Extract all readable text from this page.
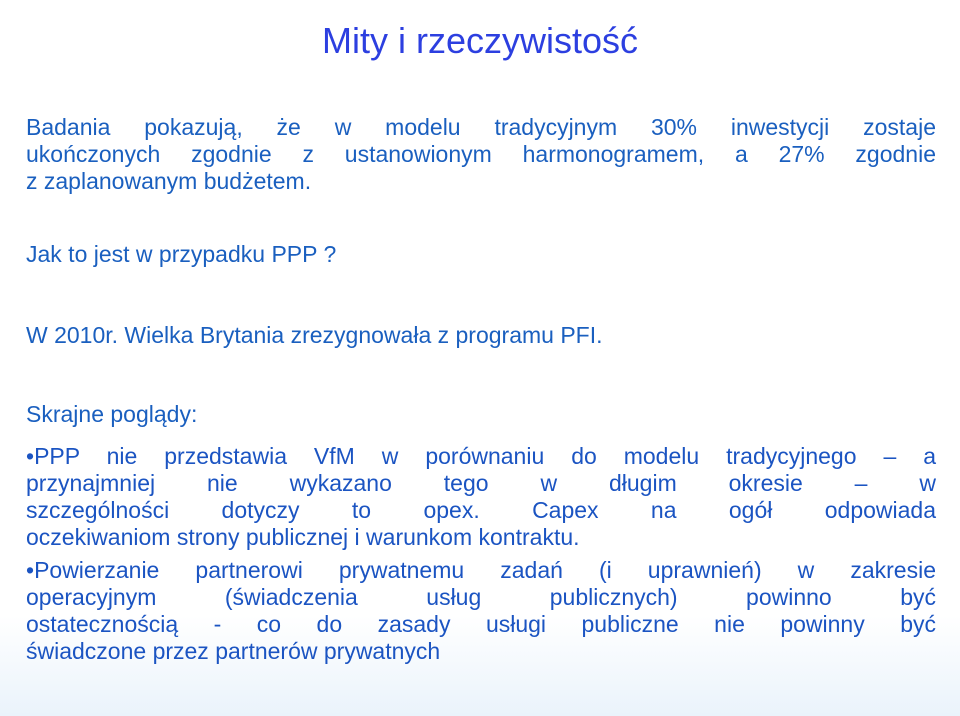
Mity i rzeczywistość
Badania pokazują, że w modelu tradycyjnym 30% inwestycji zostaje
ukończonych zgodnie z ustanowionym harmonogramem, a 27% zgodnie
z zaplanowanym budżetem.
Jak to jest w przypadku PPP ?
W 2010r. Wielka Brytania zrezygnowała z programu PFI.
Skrajne poglądy:
•PPP nie przedstawia VfM w porównaniu do modelu tradycyjnego – a
przynajmniej nie wykazano tego w długim okresie – w
szczególności dotyczy to opex. Capex na ogół odpowiada
oczekiwaniom strony publicznej i warunkom kontraktu.
•Powierzanie partnerowi prywatnemu zadań (i uprawnień) w zakresie
operacyjnym (świadczenia usług publicznych) powinno być
ostatecznością - co do zasady usługi publiczne nie powinny być
świadczone przez partnerów prywatnych
